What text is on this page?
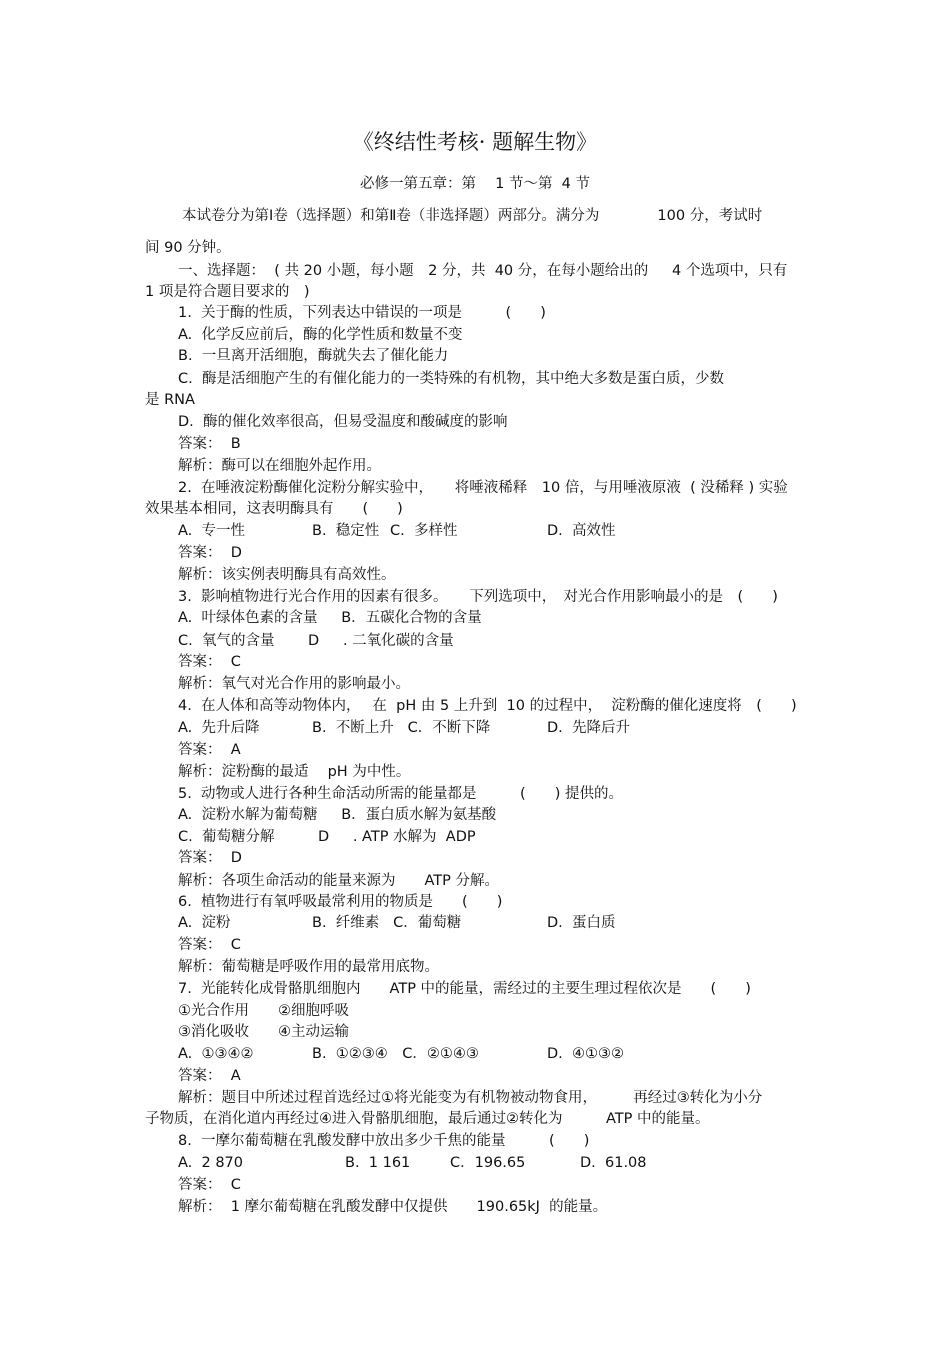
《终结性考核· 题解生物》
必修一第五章：第　 1 节～第  4 节
本试卷分为第Ⅰ卷（选择题）和第Ⅱ卷（非选择题）两部分。满分为　　　　100 分，考试时
间 90 分钟。
一、选择题：  ( 共 20 小题，每小题　2 分，共  40 分，在每小题给出的　  4 个选项中，只有
1 项是符合题目要求的　)
1.  关于酶的性质，下列表达中错误的一项是　　　(　　)
A.  化学反应前后，酶的化学性质和数量不变
B.  一旦离开活细胞，酶就失去了催化能力
C.  酶是活细胞产生的有催化能力的一类特殊的有机物，其中绝大多数是蛋白质，少数
是 RNA
D.  酶的催化效率很高，但易受温度和酸碱度的影响
答案：  B
解析：酶可以在细胞外起作用。
2.  在唾液淀粉酶催化淀粉分解实验中，　　将唾液稀释　10 倍，与用唾液原液  ( 没稀释 ) 实验
效果基本相同，这表明酶具有　　(　　)
A.  专一性	B.  稳定性 C.  多样性	D.  高效性
答案：  D
解析：该实例表明酶具有高效性。
3.  影响植物进行光合作用的因素有很多。　　下列选项中，　对光合作用影响最小的是　(　　)
A.  叶绿体色素的含量　  B．五碳化合物的含量
C.  氧气的含量　　 D　  . 二氧化碳的含量
答案：  C
解析：氧气对光合作用的影响最小。
4.  在人体和高等动物体内，　 在  pH 由 5 上升到  10 的过程中，  淀粉酶的催化速度将　(　　)
A.  先升后降	B.  不断上升   C．不断下降	D.  先降后升
答案：  A
解析：淀粉酶的最适　 pH 为中性。
5.  动物或人进行各种生命活动所需的能量都是　　　(　　) 提供的。
A.  淀粉水解为葡萄糖　  B．蛋白质水解为氨基酸
C.  葡萄糖分解　　　D　  . ATP 水解为  ADP
答案：  D
解析：各项生命活动的能量来源为　　ATP 分解。
6.  植物进行有氧呼吸最常利用的物质是　　(　　)
A.  淀粉	B.  纤维素   C．葡萄糖	D.  蛋白质
答案：  C
解析：葡萄糖是呼吸作用的最常用底物。
7.  光能转化成骨骼肌细胞内　　ATP 中的能量，需经过的主要生理过程依次是　　(　　)
①光合作用　　②细胞呼吸
③消化吸收　　④主动运输
A.  ①③④②	B.  ①②③④　C．②①④③	D.  ④①③②
答案：  A
解析：题目中所述过程首选经过①将光能变为有机物被动物食用，　　　再经过③转化为小分
子物质，在消化道内再经过④进入骨骼肌细胞，最后通过②转化为　　　ATP 中的能量。
8.  一摩尔葡萄糖在乳酸发酵中放出多少千焦的能量　　　(　　)
A.  2 870	B.  1 161	C．196.65	D.  61.08
答案：  C
解析：  1 摩尔葡萄糖在乳酸发酵中仅提供　　190.65kJ  的能量。
